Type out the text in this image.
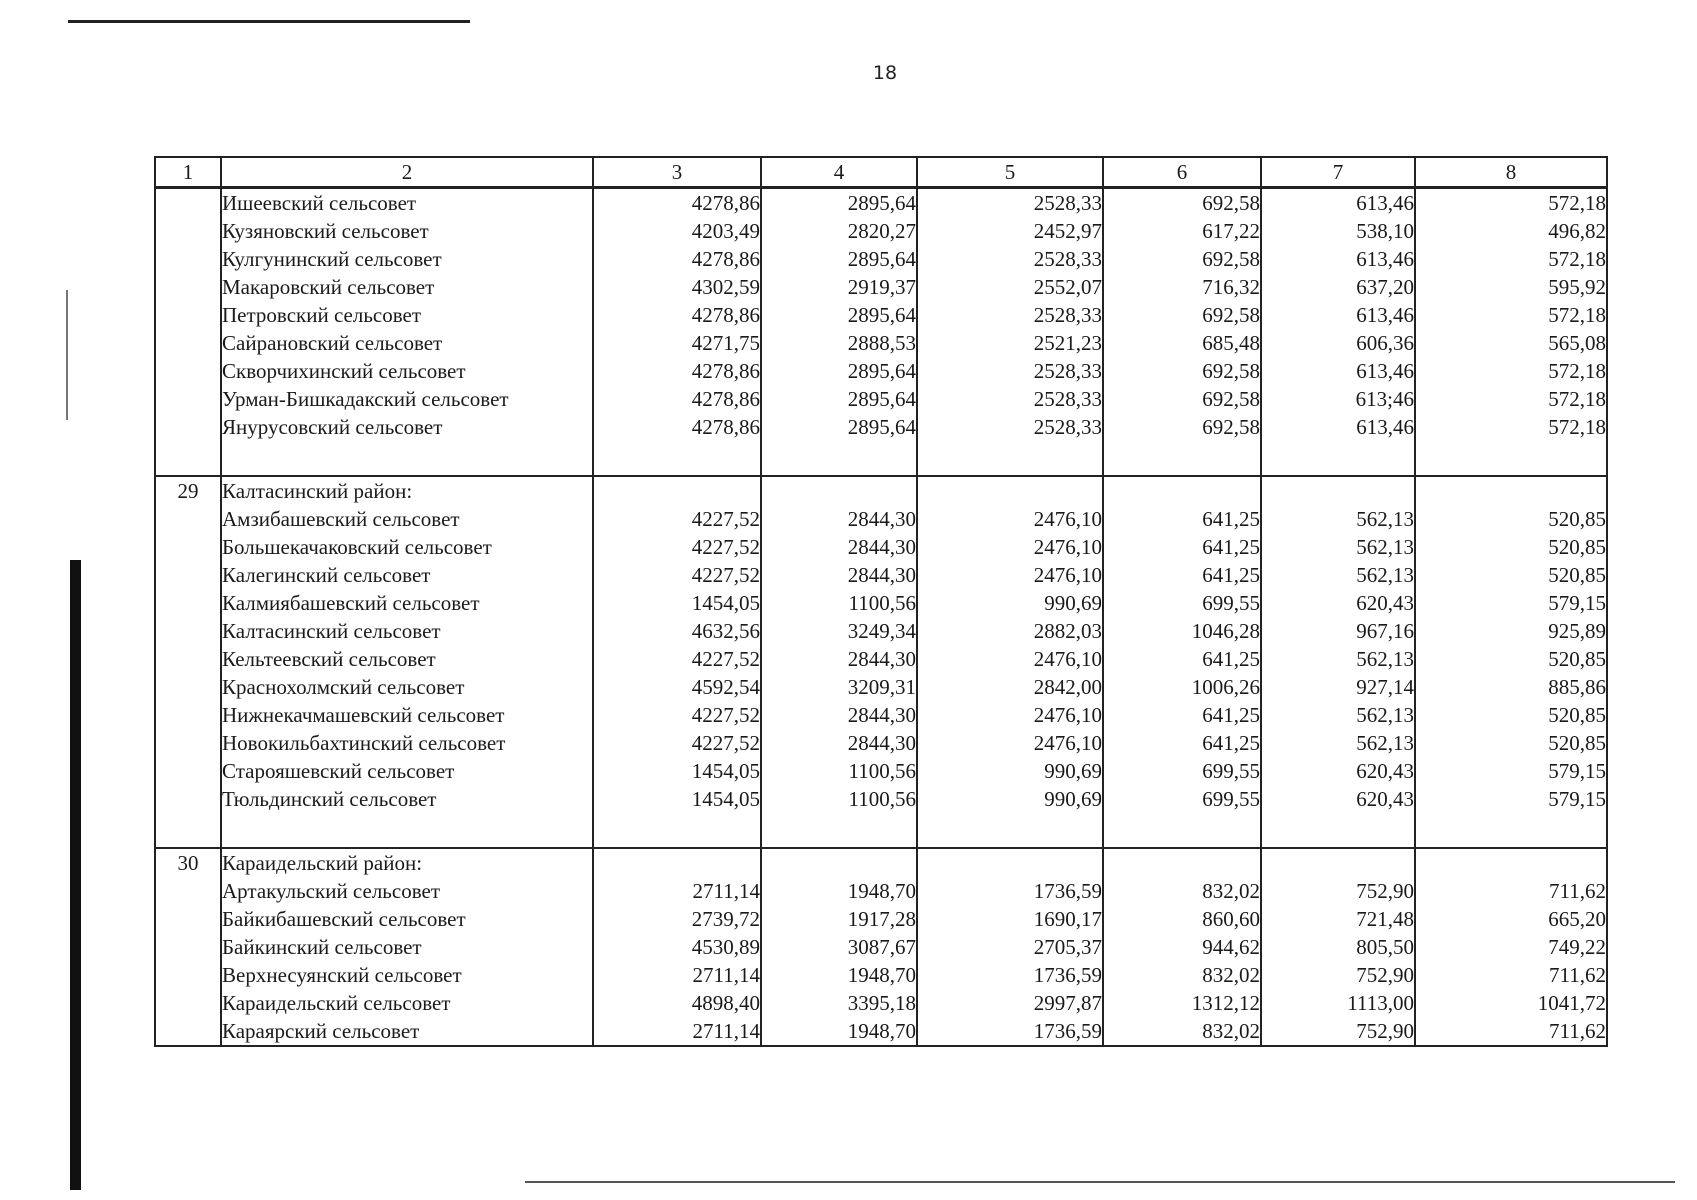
18
1	2	3	4	5	6	7	8
	Ишеевский сельсовет	4278,86	2895,64	2528,33	692,58	613,46	572,18
	Кузяновский сельсовет	4203,49	2820,27	2452,97	617,22	538,10	496,82
	Кулгунинский сельсовет	4278,86	2895,64	2528,33	692,58	613,46	572,18
	Макаровский сельсовет	4302,59	2919,37	2552,07	716,32	637,20	595,92
	Петровский сельсовет	4278,86	2895,64	2528,33	692,58	613,46	572,18
	Сайрановский сельсовет	4271,75	2888,53	2521,23	685,48	606,36	565,08
	Скворчихинский сельсовет	4278,86	2895,64	2528,33	692,58	613,46	572,18
	Урман-Бишкадакский сельсовет	4278,86	2895,64	2528,33	692,58	613;46	572,18
	Янурусовский сельсовет	4278,86	2895,64	2528,33	692,58	613,46	572,18

29	Калтасинский район:						
	Амзибашевский сельсовет	4227,52	2844,30	2476,10	641,25	562,13	520,85
	Большекачаковский сельсовет	4227,52	2844,30	2476,10	641,25	562,13	520,85
	Калегинский сельсовет	4227,52	2844,30	2476,10	641,25	562,13	520,85
	Калмиябашевский сельсовет	1454,05	1100,56	990,69	699,55	620,43	579,15
	Калтасинский сельсовет	4632,56	3249,34	2882,03	1046,28	967,16	925,89
	Кельтеевский сельсовет	4227,52	2844,30	2476,10	641,25	562,13	520,85
	Краснохолмский сельсовет	4592,54	3209,31	2842,00	1006,26	927,14	885,86
	Нижнекачмашевский сельсовет	4227,52	2844,30	2476,10	641,25	562,13	520,85
	Новокильбахтинский сельсовет	4227,52	2844,30	2476,10	641,25	562,13	520,85
	Старояшевский сельсовет	1454,05	1100,56	990,69	699,55	620,43	579,15
	Тюльдинский сельсовет	1454,05	1100,56	990,69	699,55	620,43	579,15

30	Караидельский район:						
	Артакульский сельсовет	2711,14	1948,70	1736,59	832,02	752,90	711,62
	Байкибашевский сельсовет	2739,72	1917,28	1690,17	860,60	721,48	665,20
	Байкинский сельсовет	4530,89	3087,67	2705,37	944,62	805,50	749,22
	Верхнесуянский сельсовет	2711,14	1948,70	1736,59	832,02	752,90	711,62
	Караидельский сельсовет	4898,40	3395,18	2997,87	1312,12	1113,00	1041,72
	Караярский сельсовет	2711,14	1948,70	1736,59	832,02	752,90	711,62
